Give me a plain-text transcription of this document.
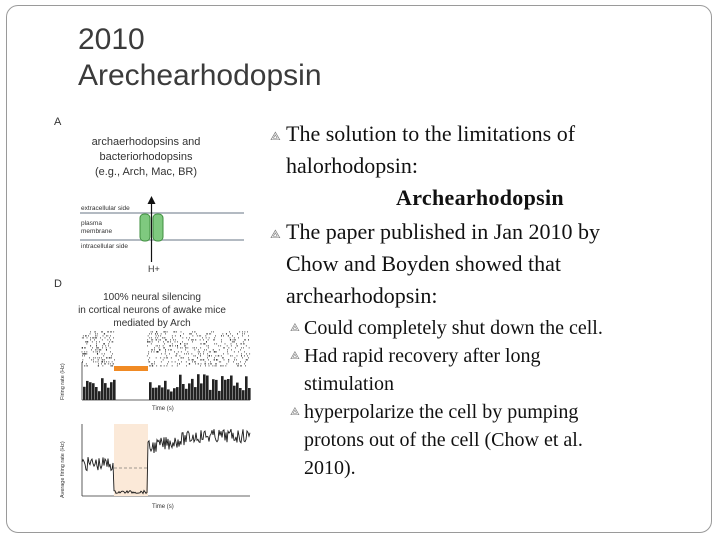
2010
Arechearhodopsin
A
archaerhodopsins and
bacteriorhodopsins
(e.g., Arch, Mac, BR)
extracellular side
plasma
membrane
intracellular side
H+
D
100% neural silencing
in cortical neurons of awake mice
mediated by Arch
Firing rate (Hz)
Time (s)
Average firing rate (Hz)
Time (s)
⟁ The solution to the limitations of
halorhodopsin:
Archearhodopsin
⟁ The paper published in Jan 2010 by
Chow and Boyden showed that
archearhodopsin:
⟁ Could completely shut down the cell.
⟁ Had rapid recovery after long
stimulation
⟁ hyperpolarize the cell by pumping
protons out of the cell (Chow et al.
2010).
